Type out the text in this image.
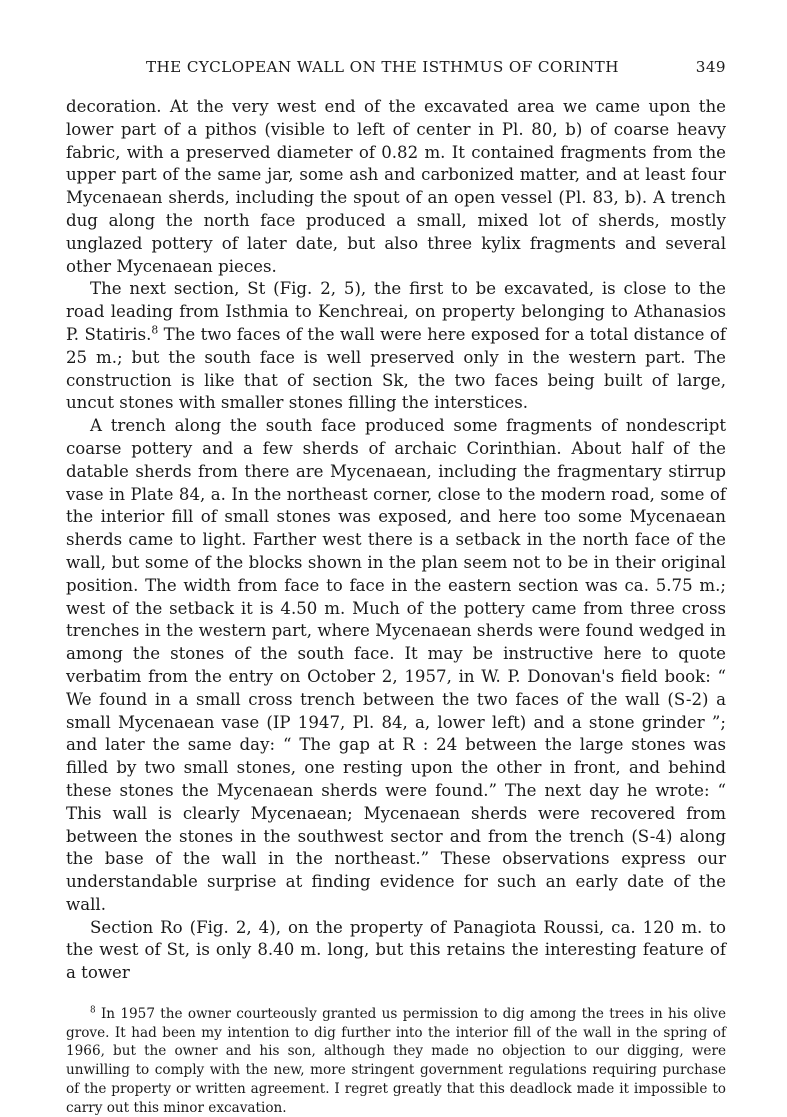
THE CYCLOPEAN WALL ON THE ISTHMUS OF CORINTH	349

decoration. At the very west end of the excavated area we came upon the lower part of a pithos (visible to left of center in Pl. 80, b) of coarse heavy fabric, with a preserved diameter of 0.82 m. It contained fragments from the upper part of the same jar, some ash and carbonized matter, and at least four Mycenaean sherds, including the spout of an open vessel (Pl. 83, b). A trench dug along the north face produced a small, mixed lot of sherds, mostly unglazed pottery of later date, but also three kylix fragments and several other Mycenaean pieces.

The next section, St (Fig. 2, 5), the first to be excavated, is close to the road leading from Isthmia to Kenchreai, on property belonging to Athanasios P. Statiris.$^8$ The two faces of the wall were here exposed for a total distance of 25 m.; but the south face is well preserved only in the western part. The construction is like that of section Sk, the two faces being built of large, uncut stones with smaller stones filling the interstices.

A trench along the south face produced some fragments of nondescript coarse pottery and a few sherds of archaic Corinthian. About half of the datable sherds from there are Mycenaean, including the fragmentary stirrup vase in Plate 84, a. In the northeast corner, close to the modern road, some of the interior fill of small stones was exposed, and here too some Mycenaean sherds came to light. Farther west there is a setback in the north face of the wall, but some of the blocks shown in the plan seem not to be in their original position. The width from face to face in the eastern section was ca. 5.75 m.; west of the setback it is 4.50 m. Much of the pottery came from three cross trenches in the western part, where Mycenaean sherds were found wedged in among the stones of the south face. It may be instructive here to quote verbatim from the entry on October 2, 1957, in W. P. Donovan's field book: “ We found in a small cross trench between the two faces of the wall (S-2) a small Mycenaean vase (IP 1947, Pl. 84, a, lower left) and a stone grinder ”; and later the same day: “ The gap at R : 24 between the large stones was filled by two small stones, one resting upon the other in front, and behind these stones the Mycenaean sherds were found.” The next day he wrote: “ This wall is clearly Mycenaean; Mycenaean sherds were recovered from between the stones in the southwest sector and from the trench (S-4) along the base of the wall in the northeast.” These observations express our understandable surprise at finding evidence for such an early date of the wall.

Section Ro (Fig. 2, 4), on the property of Panagiota Roussi, ca. 120 m. to the west of St, is only 8.40 m. long, but this retains the interesting feature of a tower

$^8$ In 1957 the owner courteously granted us permission to dig among the trees in his olive grove. It had been my intention to dig further into the interior fill of the wall in the spring of 1966, but the owner and his son, although they made no objection to our digging, were unwilling to comply with the new, more stringent government regulations requiring purchase of the property or written agreement. I regret greatly that this deadlock made it impossible to carry out this minor excavation.
